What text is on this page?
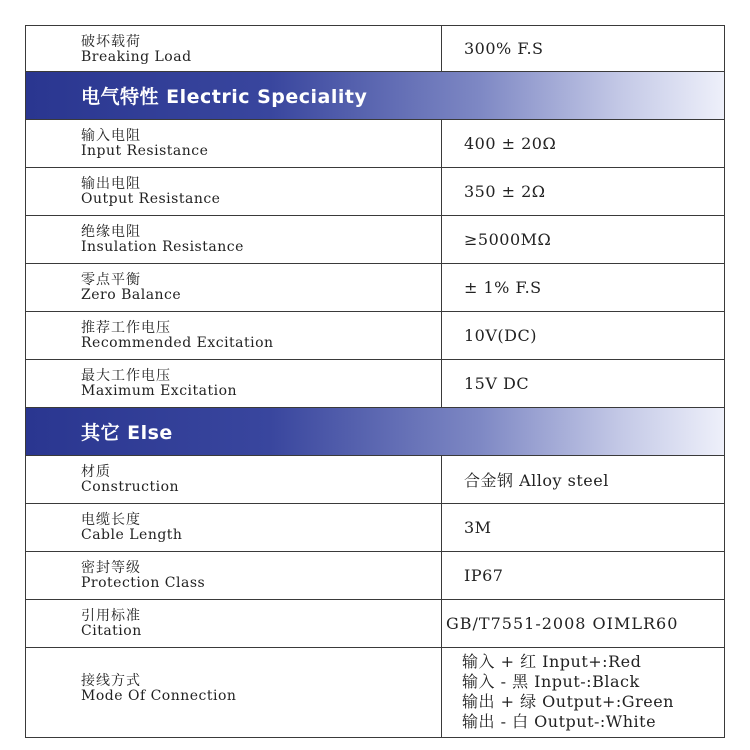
破坏载荷
Breaking Load	300% F.S
电气特性 Electric Speciality
输入电阻
Input Resistance	400 ± 20Ω
输出电阻
Output Resistance	350 ± 2Ω
绝缘电阻
Insulation Resistance	≥5000MΩ
零点平衡
Zero Balance	± 1% F.S
推荐工作电压
Recommended Excitation	10V(DC)
最大工作电压
Maximum Excitation	15V DC
其它 Else
材质
Construction	合金钢 Alloy steel
电缆长度
Cable Length	3M
密封等级
Protection Class	IP67
引用标准
Citation	GB/T7551-2008 OIMLR60
接线方式
Mode Of Connection
输入 + 红 Input+:Red
输入 - 黑 Input-:Black
输出 + 绿 Output+:Green
输出 - 白 Output-:White
